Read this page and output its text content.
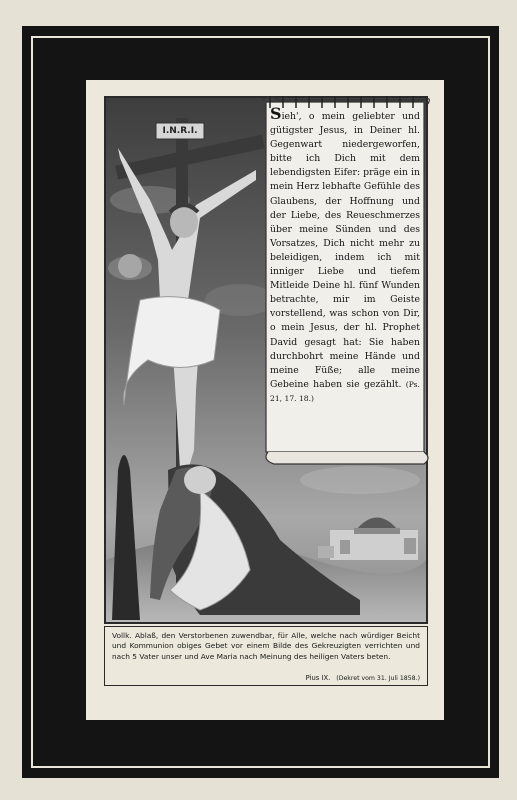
I.N.R.I.

Sieh', o mein geliebter und gütigster Jesus, in Deiner hl. Gegenwart niedergeworfen, bitte ich Dich mit dem lebendigsten Eifer: präge ein in mein Herz lebhafte Gefühle des Glaubens, der Hoffnung und der Liebe, des Reueschmerzes über meine Sünden und des Vorsatzes, Dich nicht mehr zu beleidigen, indem ich mit inniger Liebe und tiefem Mitleide Deine hl. fünf Wunden betrachte, mir im Geiste vorstellend, was schon von Dir, o mein Jesus, der hl. Prophet David gesagt hat: Sie haben durchbohrt meine Hände und meine Füße; alle meine Gebeine haben sie gezählt. (Ps. 21, 17. 18.)

Vollk. Ablaß, den Verstorbenen zuwendbar, für Alle, welche nach würdiger Beicht und Kommunion obiges Gebet vor einem Bilde des Gekreuzigten verrichten und nach 5 Vater unser und Ave Maria nach Meinung des heiligen Vaters beten.

Pius IX. (Dekret vom 31. Juli 1858.)
